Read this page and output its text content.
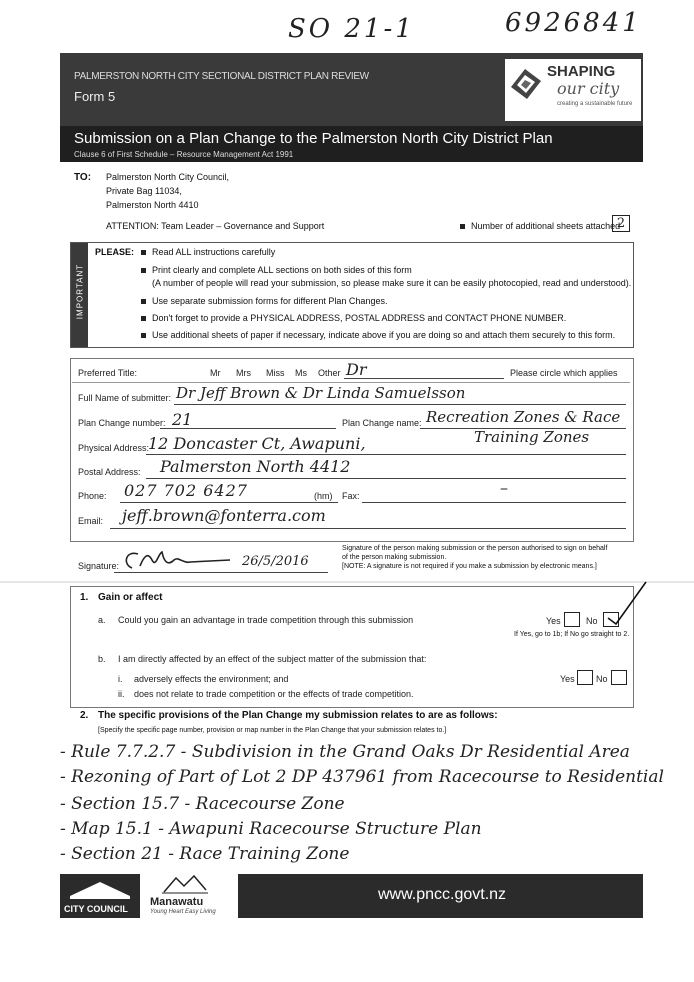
SO 21-1	6926841
PALMERSTON NORTH CITY SECTIONAL DISTRICT PLAN REVIEW
Form 5
SHAPING
our city
creating a sustainable future
Submission on a Plan Change to the Palmerston North City District Plan
Clause 6 of First Schedule – Resource Management Act 1991
TO: Palmerston North City Council,
Private Bag 11034,
Palmerston North 4410
ATTENTION: Team Leader – Governance and Support	Number of additional sheets attached
2
IMPORTANT
PLEASE:	Read ALL instructions carefully
Print clearly and complete ALL sections on both sides of this form
(A number of people will read your submission, so please make sure it can be easily photocopied, read and understood).
Use separate submission forms for different Plan Changes.
Don't forget to provide a PHYSICAL ADDRESS, POSTAL ADDRESS and CONTACT PHONE NUMBER.
Use additional sheets of paper if necessary, indicate above if you are doing so and attach them securely to this form.
Preferred Title:	Mr Mrs Miss Ms Other Dr	Please circle which applies
Full Name of submitter: Dr Jeff Brown & Dr Linda Samuelsson
Plan Change number: 21	Plan Change name: Recreation Zones & Race
Training Zones
Physical Address:
12 Doncaster Ct, Awapuni,
Postal Address: Palmerston North 4412
Phone: 027 702 6427	(hm) Fax:	–
Email: jeff.brown@fonterra.com
Signature:	26/5/2016
Signature of the person making submission or the person authorised to sign on behalf of the person making submission.
[NOTE: A signature is not required if you make a submission by electronic means.]
1. Gain or affect
a. Could you gain an advantage in trade competition through this submission	Yes	No
If Yes, go to 1b; If No go straight to 2.
b. I am directly affected by an effect of the subject matter of the submission that:
i. adversely effects the environment; and
ii. does not relate to trade competition or the effects of trade competition.
Yes No
2. The specific provisions of the Plan Change my submission relates to are as follows:
[Specify the specific page number, provision or map number in the Plan Change that your submission relates to.]
- Rule 7.7.2.7 - Subdivision in the Grand Oaks Dr Residential Area
- Rezoning of Part of Lot 2 DP 437961 from Racecourse to Residential
- Section 15.7 - Racecourse Zone
- Map 15.1 - Awapuni Racecourse Structure Plan
- Section 21 - Race Training Zone
CITY COUNCIL
Manawatu
Young Heart Easy Living
www.pncc.govt.nz
